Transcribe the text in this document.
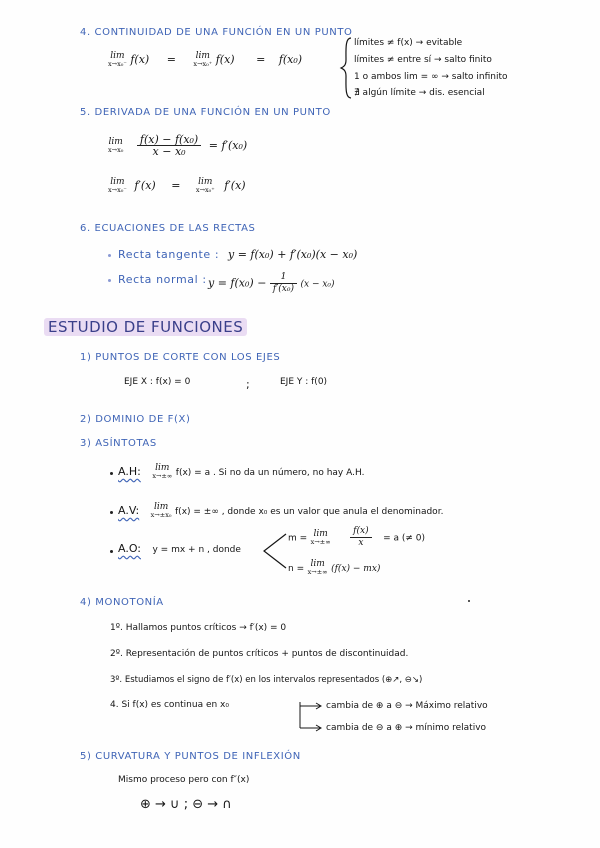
4. CONTINUIDAD DE UNA FUNCIÓN EN UN PUNTO
lim
x→x₀⁻ f(x) = lim
x→x₀⁺ f(x) = f(x₀)
límites ≠ f(x) → evitable
límites ≠ entre sí → salto finito
1 o ambos lim = ∞ → salto infinito
∄ algún límite → dis. esencial
5. DERIVADA DE UNA FUNCIÓN EN UN PUNTO
lim
x→x₀
$\frac{\text{f(x) − f(x₀)}}{\text{x − x₀}} = f'(x_0)$
lim
x→x₀⁻ f′(x) = lim
x→x₀⁺ f′(x)
6. ECUACIONES DE LAS RECTAS
Recta tangente : y = f(x₀) + f′(x₀)(x − x₀)
Recta normal : $y = f(x_0) - \frac{1}{\text{f′(x₀)}} (x - x_0)$
ESTUDIO DE FUNCIONES
1) PUNTOS DE CORTE CON LOS EJES
EJE X : f(x) = 0	;	EJE Y : f(0)
2) DOMINIO DE F(X)
3) ASÍNTOTAS
A.H:	lim
x→±∞ f(x) = a . Si no da un número, no hay A.H.
A.V:	lim
x→±x₀ f(x) = ±∞ , donde x₀ es un valor que anula el denominador.
A.O: y = mx + n , donde
m = lim
x→±∞
$\frac{f(x)}{x} = a$ (≠ 0)
n = lim
x→±∞ (f(x) − mx)
4) MONOTONÍA
1º. Hallamos puntos críticos → f′(x) = 0
2º. Representación de puntos críticos + puntos de discontinuidad.
3º. Estudiamos el signo de f′(x) en los intervalos representados (⊕↗, ⊖↘)
4. Si f(x) es continua en x₀	cambia de ⊕ a ⊖ → Máximo relativo
cambia de ⊖ a ⊕ → mínimo relativo
5) CURVATURA Y PUNTOS DE INFLEXIÓN
Mismo proceso pero con f″(x)
⊕ → ∪ ; ⊖ → ∩
